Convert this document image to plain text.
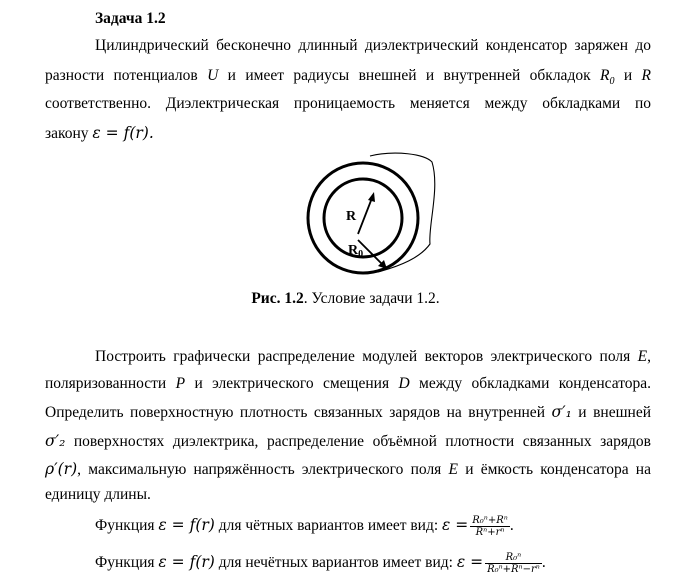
Задача 1.2
Цилиндрический бесконечно длинный диэлектрический конденсатор заряжен до
разности потенциалов U и имеет радиусы внешней и внутренней обкладок $R_0$ и R
соответственно. Диэлектрическая проницаемость меняется между обкладками по
закону ε = f(r).
R
$R_0$
Рис. 1.2. Условие задачи 1.2.
Построить графически распределение модулей векторов электрического поля E,
поляризованности P и электрического смещения D между обкладками конденсатора.
Определить поверхностную плотность связанных зарядов на внутренней σ′₁ и внешней
σ′₂ поверхностях диэлектрика, распределение объёмной плотности связанных зарядов
ρ′(r), максимальную напряжённость электрического поля E и ёмкость конденсатора на
единицу длины.
Функция ε = f(r) для чётных вариантов имеет вид: $\varepsilon = \frac{\text{R₀ⁿ+Rⁿ}}{\text{Rⁿ+rⁿ}}$ .
Функция ε = f(r) для нечётных вариантов имеет вид: $\varepsilon = \frac{\text{R₀ⁿ}}{\text{R₀ⁿ+Rⁿ−rⁿ}}$ .
